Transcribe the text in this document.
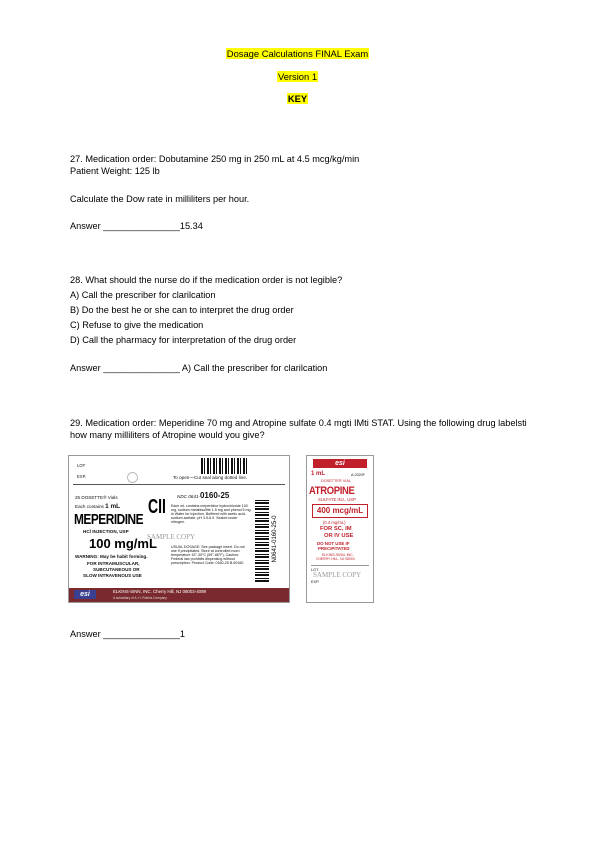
Dosage Calculations FINAL Exam
Version 1
KEY
27. Medication order: Dobutamine 250 mg in 250 mL at 4.5 mcg/kg/min
Patient Weight: 125 lb
Calculate the Dow rate in milliliters per hour.
Answer _______________15.34
28. What should the nurse do if the medication order is not legible?
A) Call the prescriber for clarilcation
B) Do the best he or she can to interpret the drug order
C) Refuse to give the medication
D) Call the pharmacy for interpretation of the drug order
Answer _______________ A) Call the prescriber for clarilcation
29. Medication order: Meperidine 70 mg and Atropine sulfate 0.4 mgti IMti STAT. Using the following drug labelsti how many milliliters of Atropine would you give?
LOT
EXP.	To open—Cut seal along dotted line.
25 DOSETTE® Vials
Each contains 1 mL
MEPERIDINE
CII
HCl INJECTION, USP
100 mg/mL
WARNING: May be habit forming.
FOR INTRAMUSCULAR,
SUBCUTANEOUS OR
SLOW INTRAVENOUS USE
NDC 0641-0160-25
Each mL contains meperidine hydrochloride 100 mg, sodium metabisulfite 1.5 mg and phenol 5 mg in Water for Injection. Buffered with acetic acid-sodium acetate. pH 3.5-6.0. Sealed under nitrogen.
USUAL DOSAGE: See package insert. Do not use if precipitated. Store at controlled room temperature 15°-30°C (59°-86°F). Caution: Federal law prohibits dispensing without prescription. Product Code: 0160-25 B-50160
SAMPLE COPY	N0641-0160-25-0
esi	ELKINS-SINN, INC. Cherry Hill, NJ 08003-4099
A subsidiary of A. H. Robins Company
esi
1 mL	A-0320F
DOSETTE® VIAL
ATROPINE
SULFATE INJ., USP
400 mcg/mL
(0.4 mg/mL)
FOR SC, IM
OR IV USE
DO NOT USE IF
PRECIPITATED
ELKINS-SINN, INC.
CHERRY HILL, NJ 08003
LOT
SAMPLE COPY
EXP.
Answer _______________1
